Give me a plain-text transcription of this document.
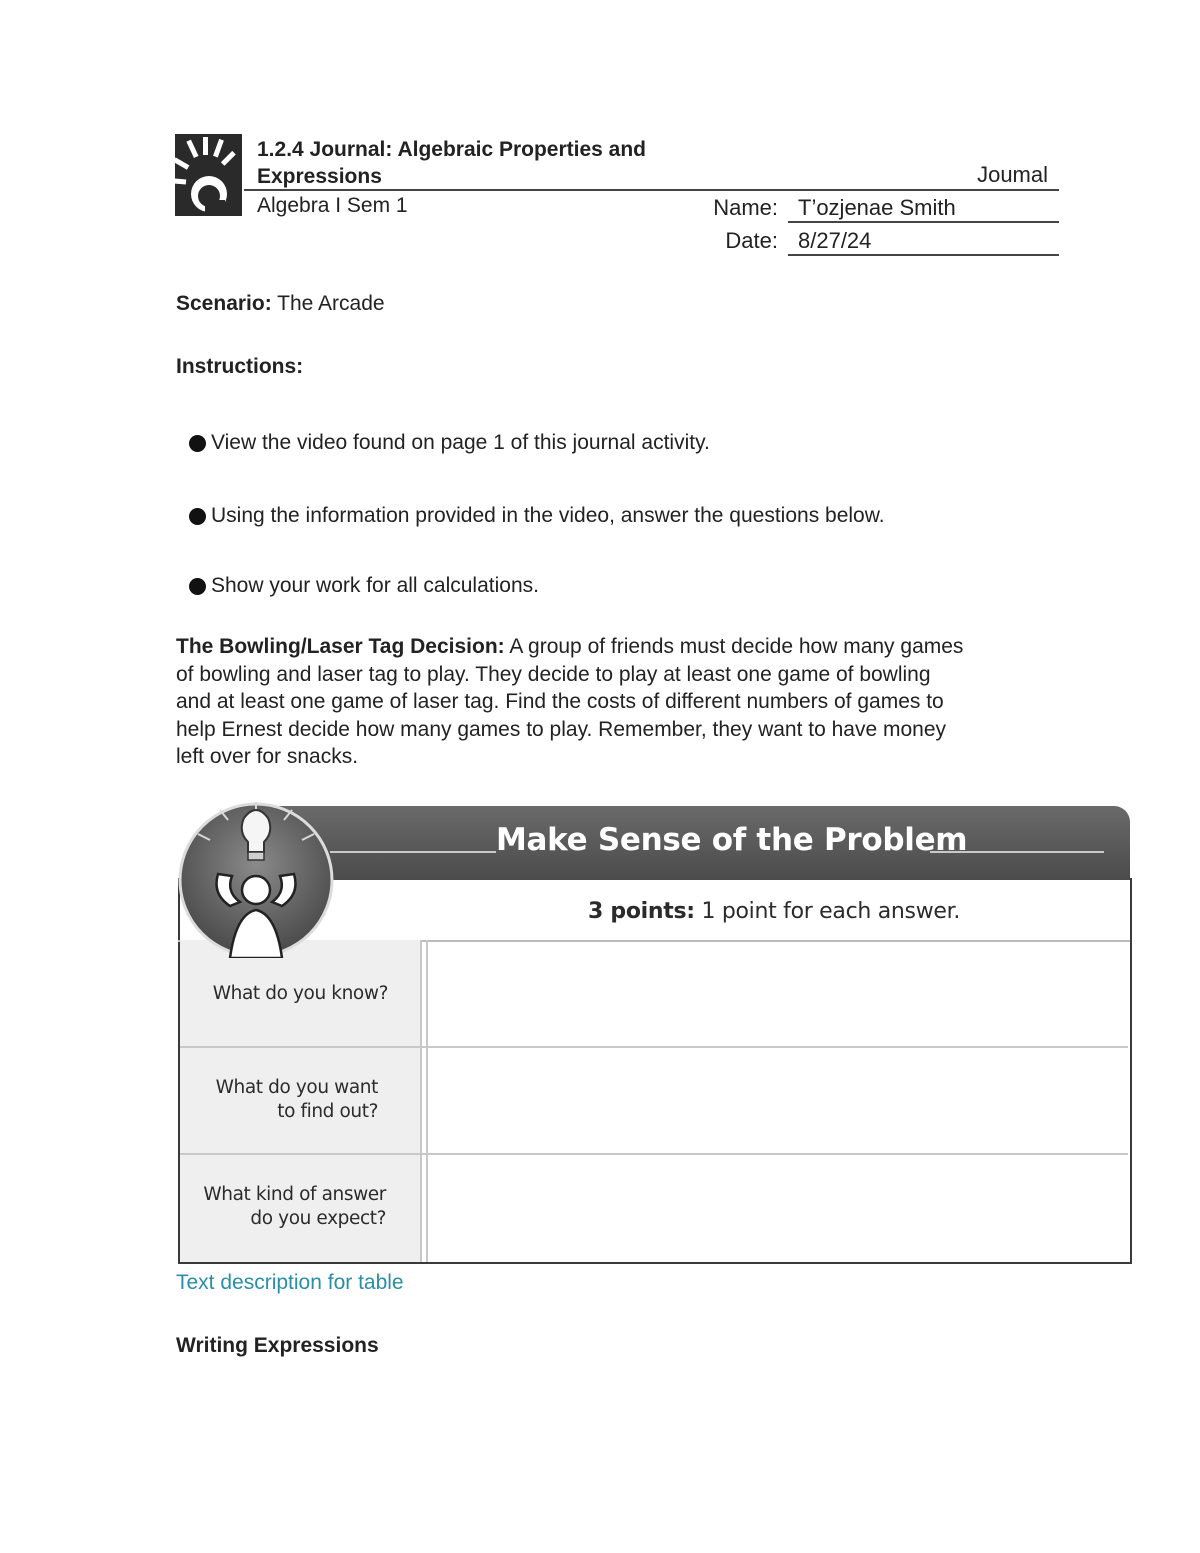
1.2.4 Journal: Algebraic Properties and
Expressions	Joumal
Algebra I Sem 1	Name: T’ozjenae Smith
Date: 8/27/24
Scenario: The Arcade
Instructions:
View the video found on page 1 of this journal activity.
Using the information provided in the video, answer the questions below.
Show your work for all calculations.
The Bowling/Laser Tag Decision: A group of friends must decide how many games
of bowling and laser tag to play. They decide to play at least one game of bowling
and at least one game of laser tag. Find the costs of different numbers of games to
help Ernest decide how many games to play. Remember, they want to have money
left over for snacks.
Make Sense of the Problem
3 points: 1 point for each answer.
What do you know?
What do you want
to find out?
What kind of answer
do you expect?
Text description for table
Writing Expressions
